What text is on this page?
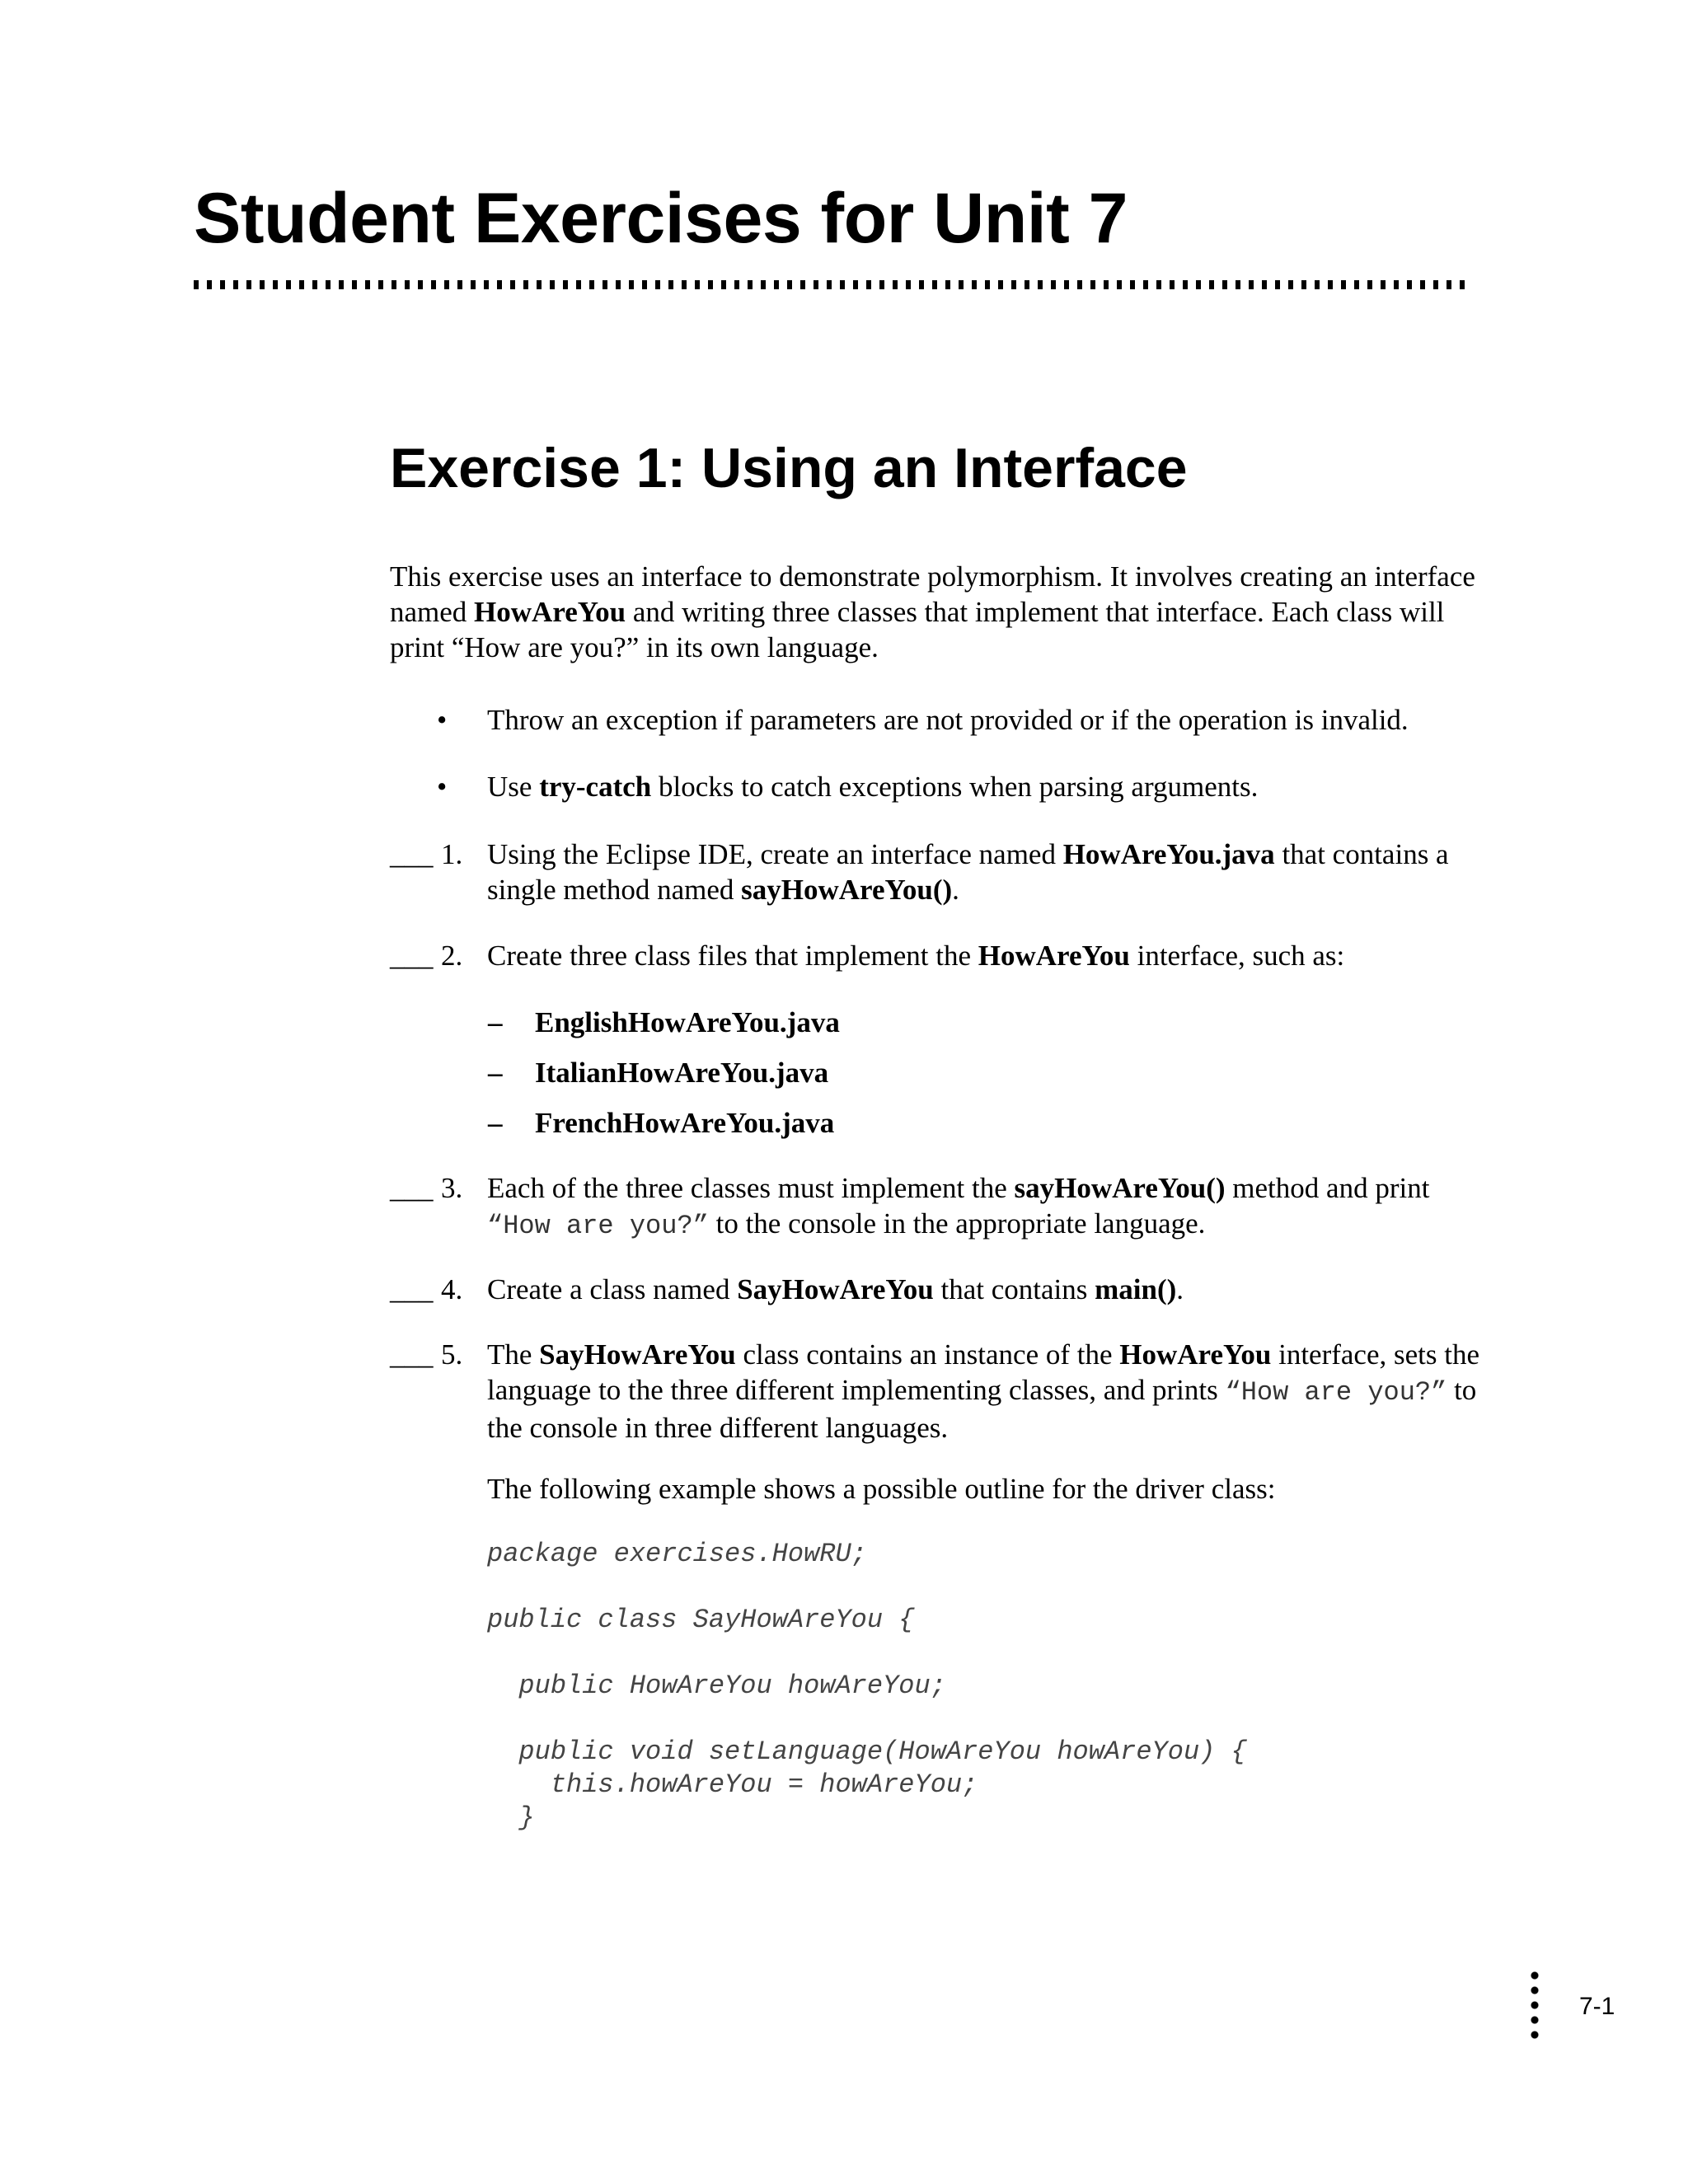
Student Exercises for Unit 7
Exercise 1: Using an Interface

This exercise uses an interface to demonstrate polymorphism. It involves creating an interface named HowAreYou and writing three classes that implement that interface. Each class will print “How are you?” in its own language.

• Throw an exception if parameters are not provided or if the operation is invalid.
• Use try-catch blocks to catch exceptions when parsing arguments.
___ 1. Using the Eclipse IDE, create an interface named HowAreYou.java that contains a single method named sayHowAreYou().
___ 2. Create three class files that implement the HowAreYou interface, such as:
– EnglishHowAreYou.java
– ItalianHowAreYou.java
– FrenchHowAreYou.java
___ 3. Each of the three classes must implement the sayHowAreYou() method and print “How are you?” to the console in the appropriate language.
___ 4. Create a class named SayHowAreYou that contains main().
___ 5. The SayHowAreYou class contains an instance of the HowAreYou interface, sets the language to the three different implementing classes, and prints “How are you?” to the console in three different languages.
The following example shows a possible outline for the driver class:
package exercises.HowRU;

public class SayHowAreYou {

public HowAreYou howAreYou;

public void setLanguage(HowAreYou howAreYou) {
this.howAreYou = howAreYou;
}
7-1
